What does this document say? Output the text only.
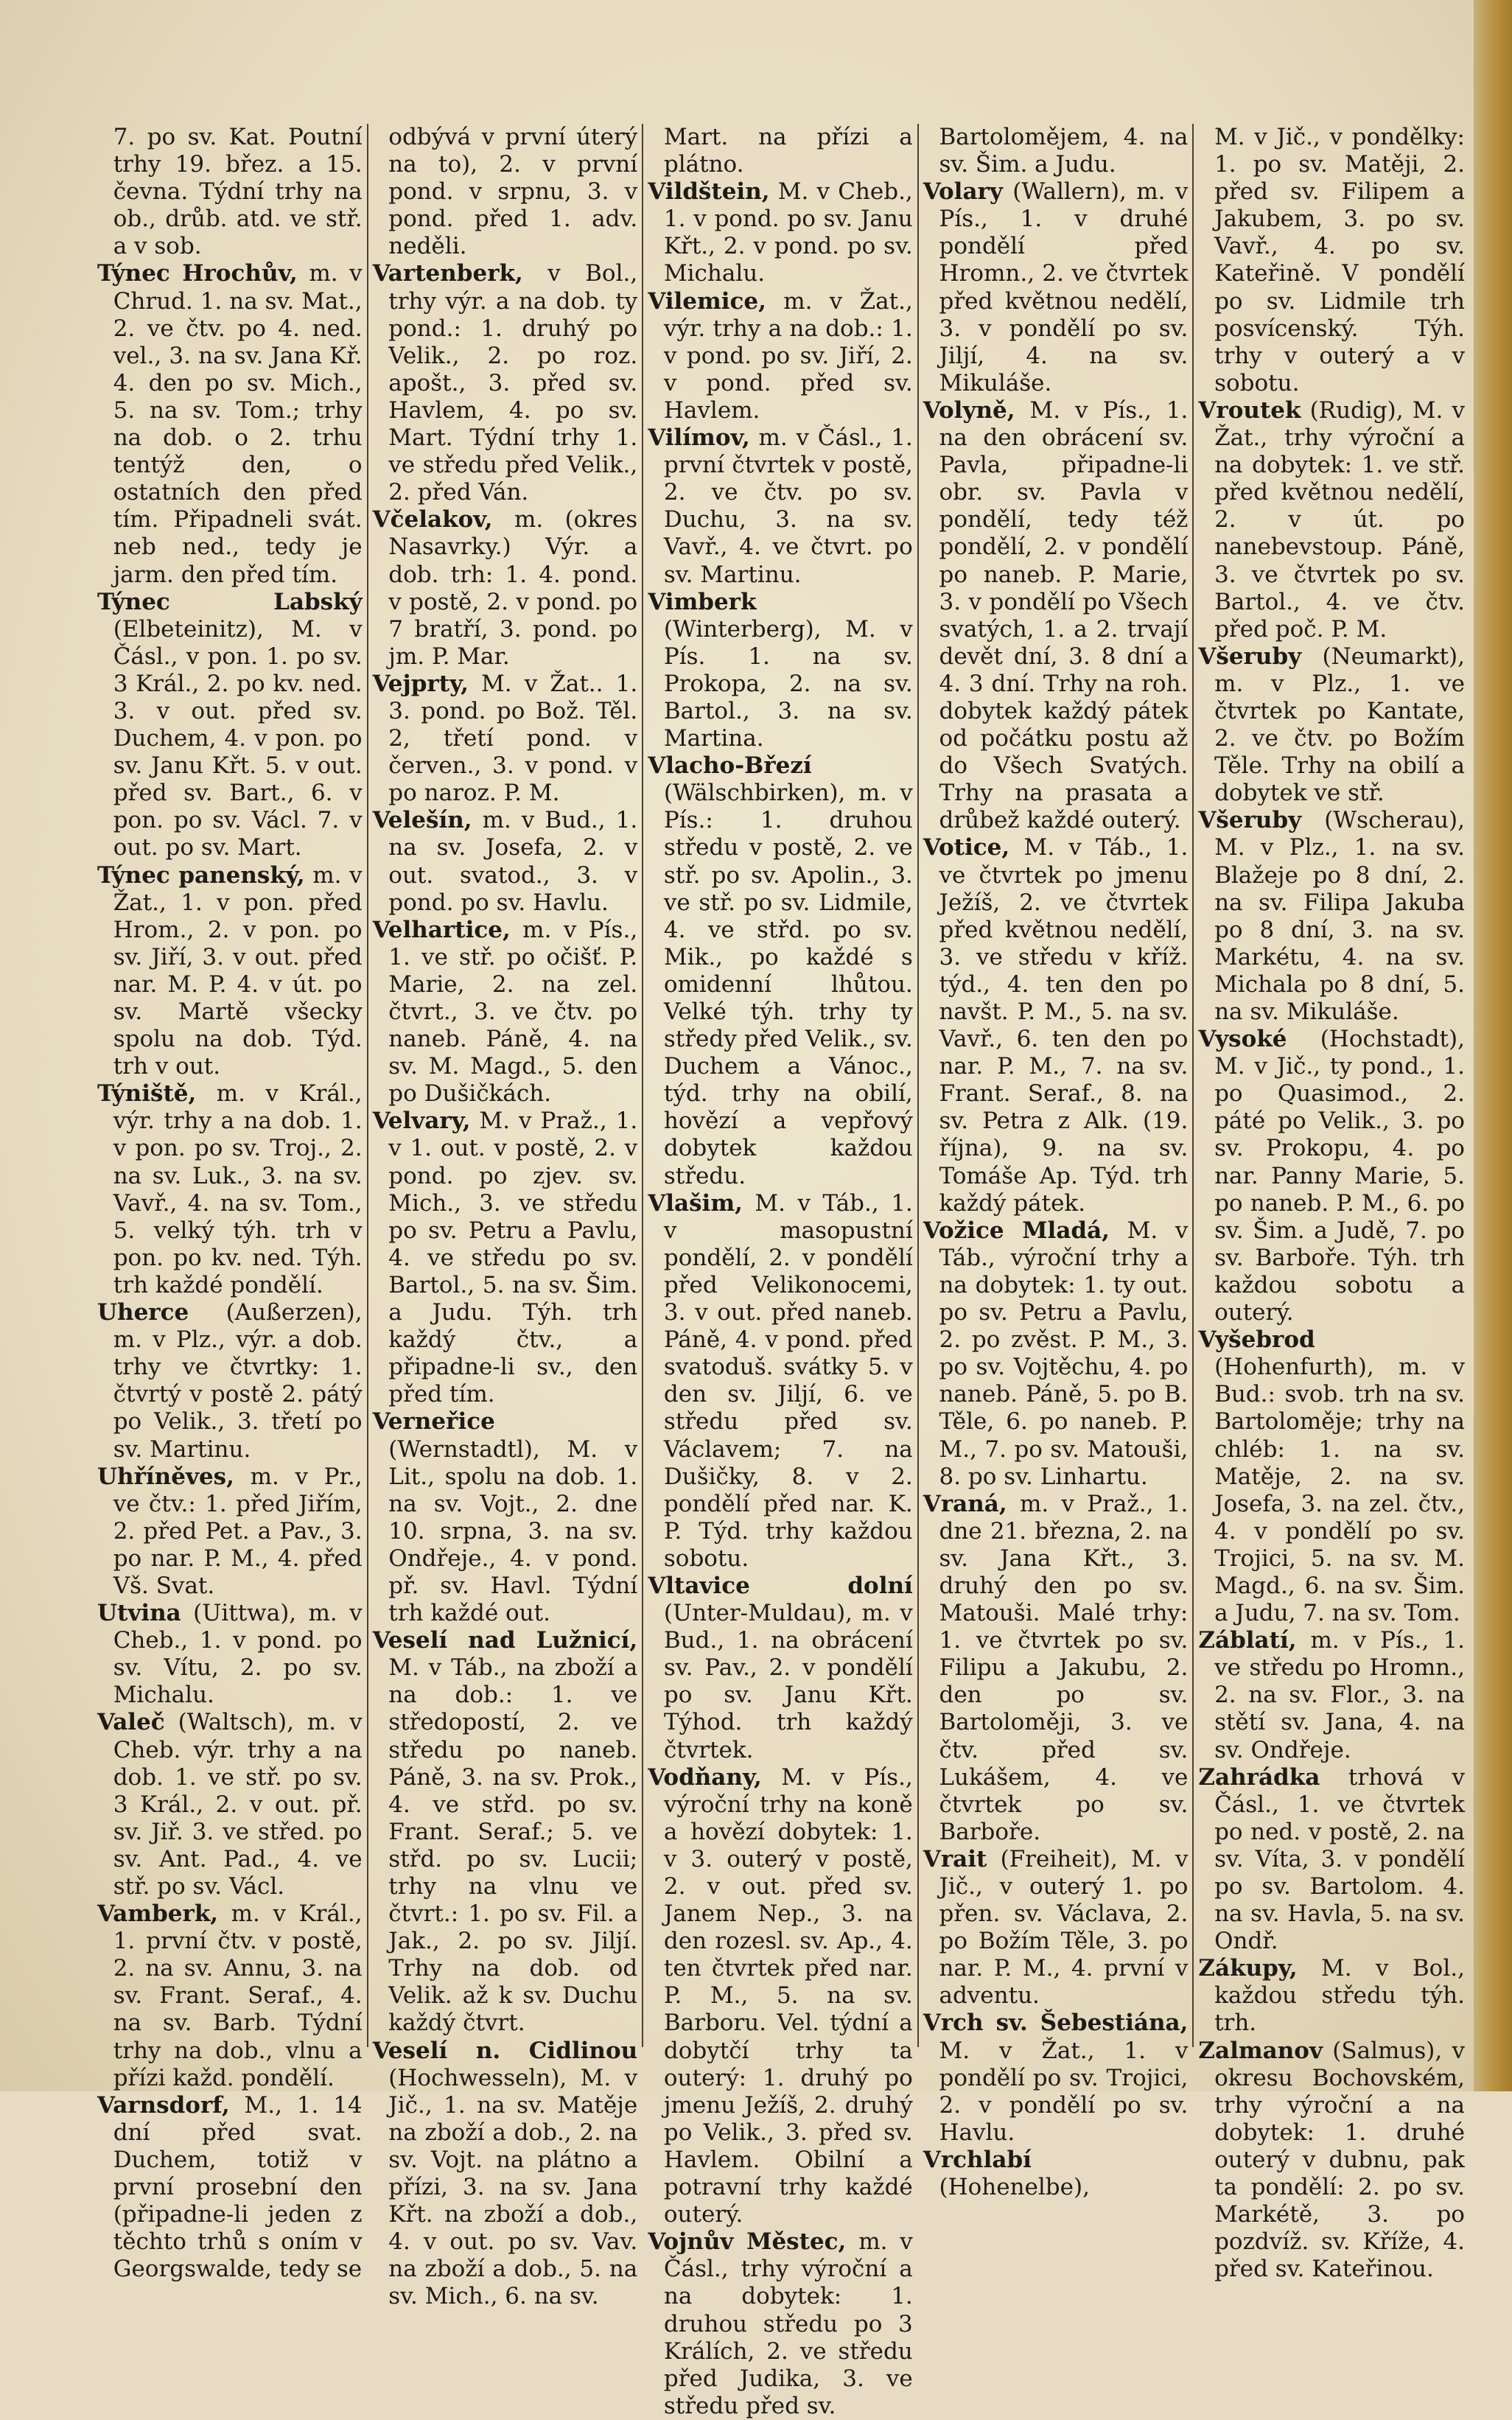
7. po sv. Kat. Poutní trhy 19. břez. a 15. čevna. Týdní trhy na ob., drůb. atd. ve stř. a v sob.

Týnec Hrochův, m. v Chrud. 1. na sv. Mat., 2. ve čtv. po 4. ned. vel., 3. na sv. Jana Kř. 4. den po sv. Mich., 5. na sv. Tom.; trhy na dob. o 2. trhu tentýž den, o ostatních den před tím. Připadneli svát. neb ned., tedy je jarm. den před tím.

Týnec Labský (Elbeteinitz), M. v Čásl., v pon. 1. po sv. 3 Král., 2. po kv. ned. 3. v out. před sv. Duchem, 4. v pon. po sv. Janu Křt. 5. v out. před sv. Bart., 6. v pon. po sv. Václ. 7. v out. po sv. Mart.

Týnec panenský, m. v Žat., 1. v pon. před Hrom., 2. v pon. po sv. Jiří, 3. v out. před nar. M. P. 4. v út. po sv. Martě všecky spolu na dob. Týd. trh v out.

Týniště, m. v Král., výr. trhy a na dob. 1. v pon. po sv. Troj., 2. na sv. Luk., 3. na sv. Vavř., 4. na sv. Tom., 5. velký týh. trh v pon. po kv. ned. Týh. trh každé pondělí.

Uherce (Außerzen), m. v Plz., výr. a dob. trhy ve čtvrtky: 1. čtvrtý v postě 2. pátý po Velik., 3. třetí po sv. Martinu.

Uhříněves, m. v Pr., ve čtv.: 1. před Jiřím, 2. před Pet. a Pav., 3. po nar. P. M., 4. před Vš. Svat.

Utvina (Uittwa), m. v Cheb., 1. v pond. po sv. Vítu, 2. po sv. Michalu.

Valeč (Waltsch), m. v Cheb. výr. trhy a na dob. 1. ve stř. po sv. 3 Král., 2. v out. př. sv. Jiř. 3. ve střed. po sv. Ant. Pad., 4. ve stř. po sv. Václ.

Vamberk, m. v Král., 1. první čtv. v postě, 2. na sv. Annu, 3. na sv. Frant. Seraf., 4. na sv. Barb. Týdní trhy na dob., vlnu a přízi každ. pondělí.

Varnsdorf, M., 1. 14 dní před svat. Duchem, totiž v první prosební den (připadne-li jeden z těchto trhů s oním v Georgswalde, tedy se

odbývá v první úterý na to), 2. v první pond. v srpnu, 3. v pond. před 1. adv. neděli.

Vartenberk, v Bol., trhy výr. a na dob. ty pond.: 1. druhý po Velik., 2. po roz. apošt., 3. před sv. Havlem, 4. po sv. Mart. Týdní trhy 1. ve středu před Velik., 2. před Ván.

Včelakov, m. (okres Nasavrky.) Výr. a dob. trh: 1. 4. pond. v postě, 2. v pond. po 7 bratří, 3. pond. po jm. P. Mar.

Vejprty, M. v Žat.. 1. 3. pond. po Bož. Těl. 2, třetí pond. v červen., 3. v pond. v po naroz. P. M.

Velešín, m. v Bud., 1. na sv. Josefa, 2. v out. svatod., 3. v pond. po sv. Havlu.

Velhartice, m. v Pís., 1. ve stř. po očišť. P. Marie, 2. na zel. čtvrt., 3. ve čtv. po naneb. Páně, 4. na sv. M. Magd., 5. den po Dušičkách.

Velvary, M. v Praž., 1. v 1. out. v postě, 2. v pond. po zjev. sv. Mich., 3. ve středu po sv. Petru a Pavlu, 4. ve středu po sv. Bartol., 5. na sv. Šim. a Judu. Týh. trh každý čtv., a připadne-li sv., den před tím.

Verneřice (Wernstadtl), M. v Lit., spolu na dob. 1. na sv. Vojt., 2. dne 10. srpna, 3. na sv. Ondřeje., 4. v pond. př. sv. Havl. Týdní trh každé out.

Veselí nad Lužnicí, M. v Táb., na zboží a na dob.: 1. ve středopostí, 2. ve středu po naneb. Páně, 3. na sv. Prok., 4. ve střd. po sv. Frant. Seraf.; 5. ve střd. po sv. Lucii; trhy na vlnu ve čtvrt.: 1. po sv. Fil. a Jak., 2. po sv. Jiljí. Trhy na dob. od Velik. až k sv. Duchu každý čtvrt.

Veselí n. Cidlinou (Hochwesseln), M. v Jič., 1. na sv. Matěje na zboží a dob., 2. na sv. Vojt. na plátno a přízi, 3. na sv. Jana Křt. na zboží a dob., 4. v out. po sv. Vav. na zboží a dob., 5. na sv. Mich., 6. na sv.

Mart. na přízi a plátno.

Vildštein, M. v Cheb., 1. v pond. po sv. Janu Křt., 2. v pond. po sv. Michalu.

Vilemice, m. v Žat., výr. trhy a na dob.: 1. v pond. po sv. Jiří, 2. v pond. před sv. Havlem.

Vilímov, m. v Čásl., 1. první čtvrtek v postě, 2. ve čtv. po sv. Duchu, 3. na sv. Vavř., 4. ve čtvrt. po sv. Martinu.

Vimberk (Winterberg), M. v Pís. 1. na sv. Prokopa, 2. na sv. Bartol., 3. na sv. Martina.

Vlacho-Březí (Wälschbirken), m. v Pís.: 1. druhou středu v postě, 2. ve stř. po sv. Apolin., 3. ve stř. po sv. Lidmile, 4. ve střd. po sv. Mik., po každé s omidenní lhůtou. Velké týh. trhy ty středy před Velik., sv. Duchem a Vánoc., týd. trhy na obilí, hovězí a vepřový dobytek každou středu.

Vlašim, M. v Táb., 1. v masopustní pondělí, 2. v pondělí před Velikonocemi, 3. v out. před naneb. Páně, 4. v pond. před svatoduš. svátky 5. v den sv. Jiljí, 6. ve středu před sv. Václavem; 7. na Dušičky, 8. v 2. pondělí před nar. K. P. Týd. trhy každou sobotu.

Vltavice dolní (Unter-Muldau), m. v Bud., 1. na obrácení sv. Pav., 2. v pondělí po sv. Janu Křt. Týhod. trh každý čtvrtek.

Vodňany, M. v Pís., výroční trhy na koně a hovězí dobytek: 1. v 3. outerý v postě, 2. v out. před sv. Janem Nep., 3. na den rozesl. sv. Ap., 4. ten čtvrtek před nar. P. M., 5. na sv. Barboru. Vel. týdní a dobytčí trhy ta outerý: 1. druhý po jmenu Ježíš, 2. druhý po Velik., 3. před sv. Havlem. Obilní a potravní trhy každé outerý.

Vojnův Městec, m. v Čásl., trhy výroční a na dobytek: 1. druhou středu po 3 Králích, 2. ve středu před Judika, 3. ve středu před sv.

Bartolomějem, 4. na sv. Šim. a Judu.

Volary (Wallern), m. v Pís., 1. v druhé pondělí před Hromn., 2. ve čtvrtek před květnou nedělí, 3. v pondělí po sv. Jiljí, 4. na sv. Mikuláše.

Volyně, M. v Pís., 1. na den obrácení sv. Pavla, připadne-li obr. sv. Pavla v pondělí, tedy též pondělí, 2. v pondělí po naneb. P. Marie, 3. v pondělí po Všech svatých, 1. a 2. trvají devět dní, 3. 8 dní a 4. 3 dní. Trhy na roh. dobytek každý pátek od počátku postu až do Všech Svatých. Trhy na prasata a drůbež každé outerý.

Votice, M. v Táb., 1. ve čtvrtek po jmenu Ježíš, 2. ve čtvrtek před květnou nedělí, 3. ve středu v kříž. týd., 4. ten den po navšt. P. M., 5. na sv. Vavř., 6. ten den po nar. P. M., 7. na sv. Frant. Seraf., 8. na sv. Petra z Alk. (19. října), 9. na sv. Tomáše Ap. Týd. trh každý pátek.

Vožice Mladá, M. v Táb., výroční trhy a na dobytek: 1. ty out. po sv. Petru a Pavlu, 2. po zvěst. P. M., 3. po sv. Vojtěchu, 4. po naneb. Páně, 5. po B. Těle, 6. po naneb. P. M., 7. po sv. Matouši, 8. po sv. Linhartu.

Vraná, m. v Praž., 1. dne 21. března, 2. na sv. Jana Křt., 3. druhý den po sv. Matouši. Malé trhy: 1. ve čtvrtek po sv. Filipu a Jakubu, 2. den po sv. Bartoloměji, 3. ve čtv. před sv. Lukášem, 4. ve čtvrtek po sv. Barboře.

Vrait (Freiheit), M. v Jič., v outerý 1. po přen. sv. Václava, 2. po Božím Těle, 3. po nar. P. M., 4. první v adventu.

Vrch sv. Šebestiána, M. v Žat., 1. v pondělí po sv. Trojici, 2. v pondělí po sv. Havlu.

Vrchlabí (Hohenelbe),

M. v Jič., v pondělky: 1. po sv. Matěji, 2. před sv. Filipem a Jakubem, 3. po sv. Vavř., 4. po sv. Kateřině. V pondělí po sv. Lidmile trh posvícenský. Týh. trhy v outerý a v sobotu.

Vroutek (Rudig), M. v Žat., trhy výroční a na dobytek: 1. ve stř. před květnou nedělí, 2. v út. po nanebevstoup. Páně, 3. ve čtvrtek po sv. Bartol., 4. ve čtv. před poč. P. M.

Všeruby (Neumarkt), m. v Plz., 1. ve čtvrtek po Kantate, 2. ve čtv. po Božím Těle. Trhy na obilí a dobytek ve stř.

Všeruby (Wscherau), M. v Plz., 1. na sv. Blažeje po 8 dní, 2. na sv. Filipa Jakuba po 8 dní, 3. na sv. Markétu, 4. na sv. Michala po 8 dní, 5. na sv. Mikuláše.

Vysoké (Hochstadt), M. v Jič., ty pond., 1. po Quasimod., 2. páté po Velik., 3. po sv. Prokopu, 4. po nar. Panny Marie, 5. po naneb. P. M., 6. po sv. Šim. a Judě, 7. po sv. Barboře. Týh. trh každou sobotu a outerý.

Vyšebrod (Hohenfurth), m. v Bud.: svob. trh na sv. Bartoloměje; trhy na chléb: 1. na sv. Matěje, 2. na sv. Josefa, 3. na zel. čtv., 4. v pondělí po sv. Trojici, 5. na sv. M. Magd., 6. na sv. Šim. a Judu, 7. na sv. Tom.

Záblatí, m. v Pís., 1. ve středu po Hromn., 2. na sv. Flor., 3. na stětí sv. Jana, 4. na sv. Ondřeje.

Zahrádka trhová v Čásl., 1. ve čtvrtek po ned. v postě, 2. na sv. Víta, 3. v pondělí po sv. Bartolom. 4. na sv. Havla, 5. na sv. Ondř.

Zákupy, M. v Bol., každou středu týh. trh.

Zalmanov (Salmus), v okresu Bochovském, trhy výroční a na dobytek: 1. druhé outerý v dubnu, pak ta pondělí: 2. po sv. Markétě, 3. po pozdvíž. sv. Kříže, 4. před sv. Kateřinou.
